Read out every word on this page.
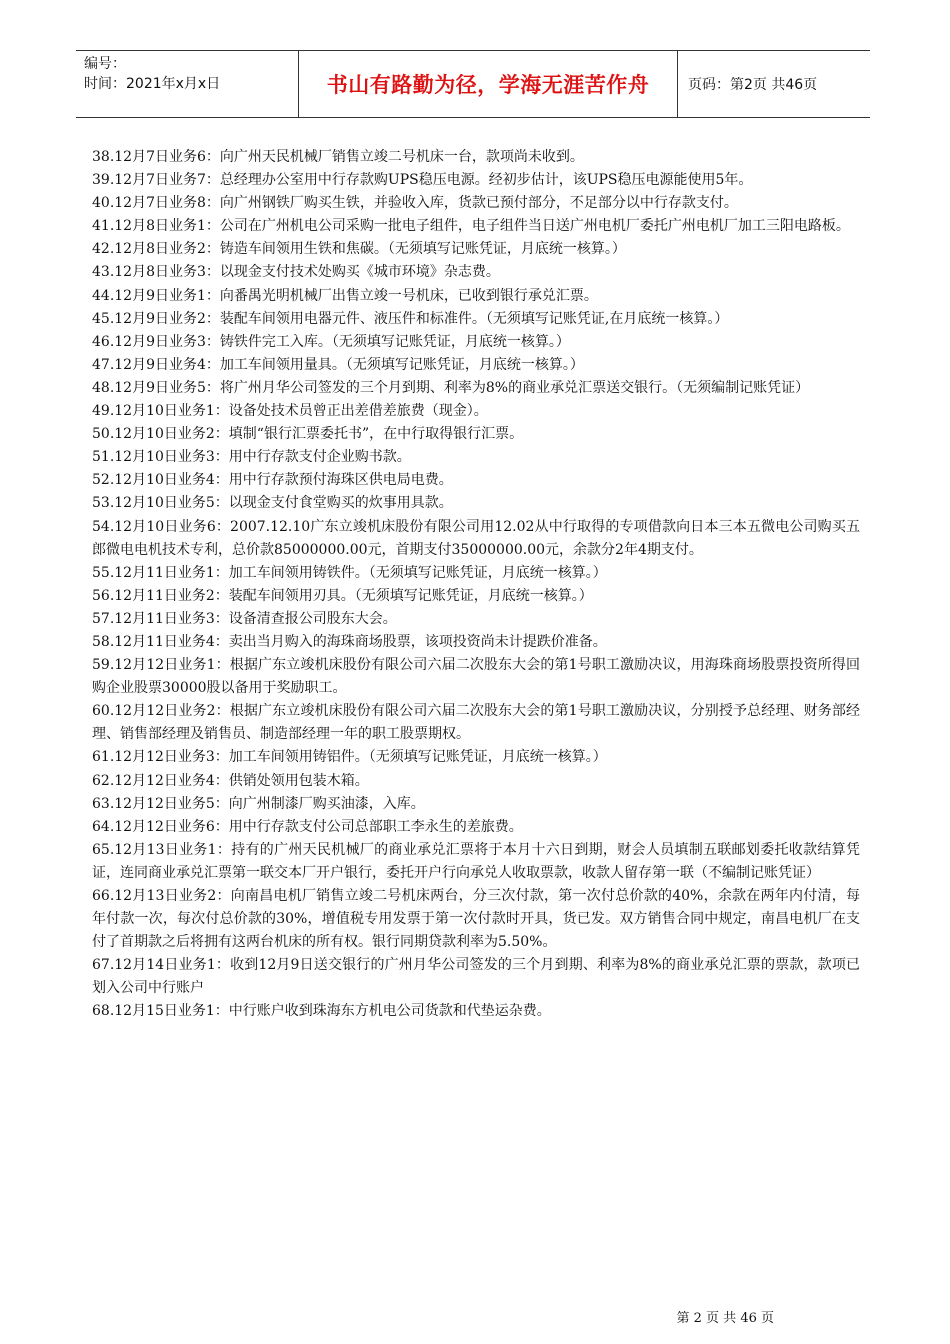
编号：
时间：2021年x月x日	书山有路勤为径，学海无涯苦作舟	页码：第2页 共46页

38.12月7日业务6：向广州天民机械厂销售立竣二号机床一台，款项尚未收到。

39.12月7日业务7：总经理办公室用中行存款购UPS稳压电源。经初步估计，该UPS稳压电源能使用5年。

40.12月7日业务8：向广州钢铁厂购买生铁，并验收入库，货款已预付部分，不足部分以中行存款支付。

41.12月8日业务1：公司在广州机电公司采购一批电子组件，电子组件当日送广州电机厂委托广州电机厂加工三阳电路板。

42.12月8日业务2：铸造车间领用生铁和焦碳。（无须填写记账凭证，月底统一核算。）

43.12月8日业务3：以现金支付技术处购买《城市环境》杂志费。

44.12月9日业务1：向番禺光明机械厂出售立竣一号机床，已收到银行承兑汇票。

45.12月9日业务2：装配车间领用电器元件、液压件和标准件。（无须填写记账凭证,在月底统一核算。）

46.12月9日业务3：铸铁件完工入库。（无须填写记账凭证，月底统一核算。）

47.12月9日业务4：加工车间领用量具。（无须填写记账凭证，月底统一核算。）

48.12月9日业务5：将广州月华公司签发的三个月到期、利率为8%的商业承兑汇票送交银行。（无须编制记账凭证）

49.12月10日业务1：设备处技术员曾正出差借差旅费（现金）。

50.12月10日业务2：填制“银行汇票委托书”，在中行取得银行汇票。

51.12月10日业务3：用中行存款支付企业购书款。

52.12月10日业务4：用中行存款预付海珠区供电局电费。

53.12月10日业务5：以现金支付食堂购买的炊事用具款。

54.12月10日业务6：2007.12.10广东立竣机床股份有限公司用12.02从中行取得的专项借款向日本三本五微电公司购买五郎微电电机技术专利，总价款85000000.00元，首期支付35000000.00元，余款分2年4期支付。

55.12月11日业务1：加工车间领用铸铁件。（无须填写记账凭证，月底统一核算。）

56.12月11日业务2：装配车间领用刃具。（无须填写记账凭证，月底统一核算。）

57.12月11日业务3：设备清查报公司股东大会。

58.12月11日业务4：卖出当月购入的海珠商场股票，该项投资尚未计提跌价准备。

59.12月12日业务1：根据广东立竣机床股份有限公司六届二次股东大会的第1号职工激励决议，用海珠商场股票投资所得回购企业股票30000股以备用于奖励职工。

60.12月12日业务2：根据广东立竣机床股份有限公司六届二次股东大会的第1号职工激励决议，分别授予总经理、财务部经理、销售部经理及销售员、制造部经理一年的职工股票期权。

61.12月12日业务3：加工车间领用铸铝件。（无须填写记账凭证，月底统一核算。）

62.12月12日业务4：供销处领用包装木箱。

63.12月12日业务5：向广州制漆厂购买油漆，入库。

64.12月12日业务6：用中行存款支付公司总部职工李永生的差旅费。

65.12月13日业务1：持有的广州天民机械厂的商业承兑汇票将于本月十六日到期，财会人员填制五联邮划委托收款结算凭证，连同商业承兑汇票第一联交本厂开户银行，委托开户行向承兑人收取票款，收款人留存第一联（不编制记账凭证）

66.12月13日业务2：向南昌电机厂销售立竣二号机床两台，分三次付款，第一次付总价款的40%，余款在两年内付清，每年付款一次，每次付总价款的30%，增值税专用发票于第一次付款时开具，货已发。双方销售合同中规定，南昌电机厂在支付了首期款之后将拥有这两台机床的所有权。银行同期贷款利率为5.50%。

67.12月14日业务1：收到12月9日送交银行的广州月华公司签发的三个月到期、利率为8%的商业承兑汇票的票款，款项已划入公司中行账户

68.12月15日业务1：中行账户收到珠海东方机电公司货款和代垫运杂费。

第 2 页 共 46 页
